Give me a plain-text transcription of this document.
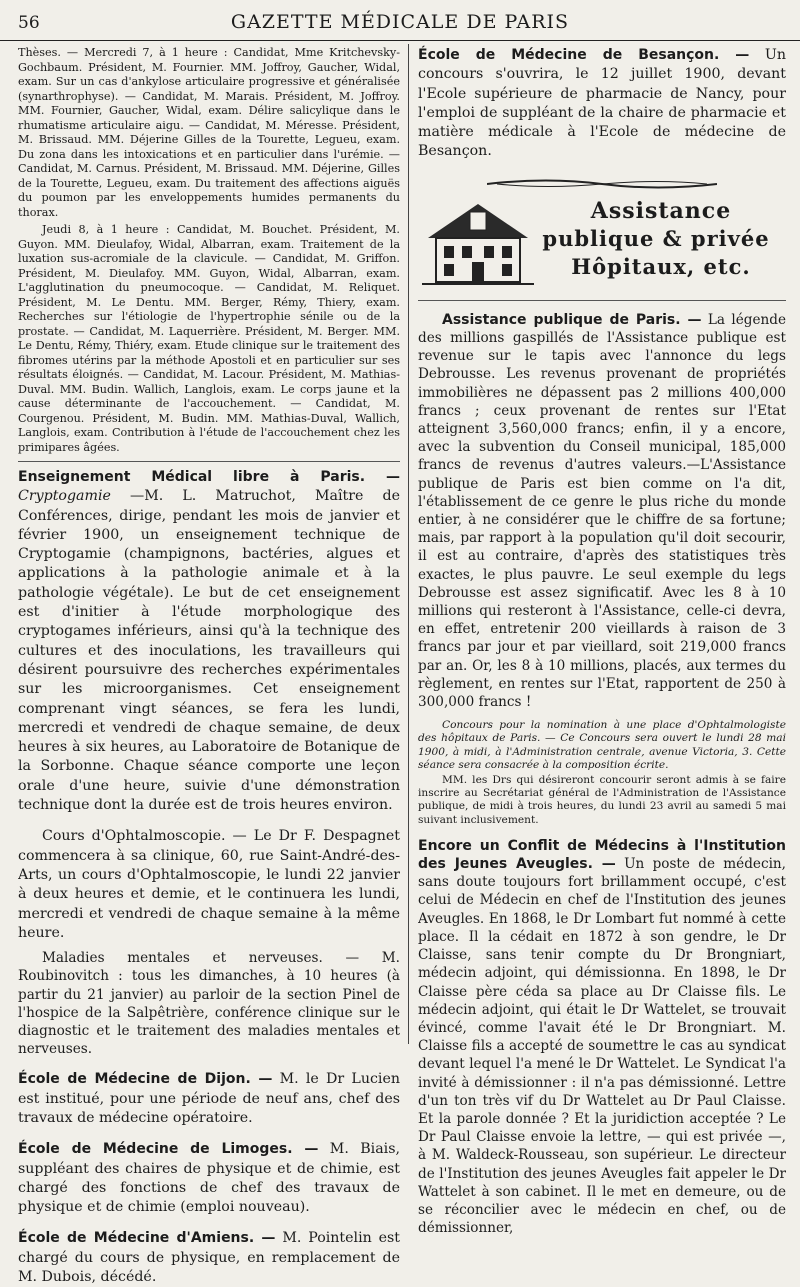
56	GAZETTE MÉDICALE DE PARIS

Thèses. — Mercredi 7, à 1 heure : Candidat, Mme Kritchevsky-Gochbaum. Président, M. Fournier. MM. Joffroy, Gaucher, Widal, exam. Sur un cas d'ankylose articulaire progressive et généralisée (synarthrophyse). — Candidat, M. Marais. Président, M. Joffroy. MM. Fournier, Gaucher, Widal, exam. Délire salicylique dans le rhumatisme articulaire aigu. — Candidat, M. Méresse. Président, M. Brissaud. MM. Déjerine Gilles de la Tourette, Legueu, exam. Du zona dans les intoxications et en particulier dans l'urémie. — Candidat, M. Carnus. Président, M. Brissaud. MM. Déjerine, Gilles de la Tourette, Legueu, exam. Du traitement des affections aiguës du poumon par les enveloppements humides permanents du thorax.

Jeudi 8, à 1 heure : Candidat, M. Bouchet. Président, M. Guyon. MM. Dieulafoy, Widal, Albarran, exam. Traitement de la luxation sus-acromiale de la clavicule. — Candidat, M. Griffon. Président, M. Dieulafoy. MM. Guyon, Widal, Albarran, exam. L'agglutination du pneumocoque. — Candidat, M. Reliquet. Président, M. Le Dentu. MM. Berger, Rémy, Thiery, exam. Recherches sur l'étiologie de l'hypertrophie sénile ou de la prostate. — Candidat, M. Laquerrière. Président, M. Berger. MM. Le Dentu, Rémy, Thiéry, exam. Etude clinique sur le traitement des fibromes utérins par la méthode Apostoli et en particulier sur ses résultats éloignés. — Candidat, M. Lacour. Président, M. Mathias-Duval. MM. Budin. Wallich, Langlois, exam. Le corps jaune et la cause déterminante de l'accouchement. — Candidat, M. Courgenou. Président, M. Budin. MM. Mathias-Duval, Wallich, Langlois, exam. Contribution à l'étude de l'accouchement chez les primipares âgées.

Enseignement Médical libre à Paris. — Cryptogamie —M. L. Matruchot, Maître de Conférences, dirige, pendant les mois de janvier et février 1900, un enseignement technique de Cryptogamie (champignons, bactéries, algues et applications à la pathologie animale et à la pathologie végétale). Le but de cet enseignement est d'initier à l'étude morphologique des cryptogames inférieurs, ainsi qu'à la technique des cultures et des inoculations, les travailleurs qui désirent poursuivre des recherches expérimentales sur les microorganismes. Cet enseignement comprenant vingt séances, se fera les lundi, mercredi et vendredi de chaque semaine, de deux heures à six heures, au Laboratoire de Botanique de la Sorbonne. Chaque séance comporte une leçon orale d'une heure, suivie d'une démonstration technique dont la durée est de trois heures environ.

Cours d'Ophtalmoscopie. — Le Dr F. Despagnet commencera à sa clinique, 60, rue Saint-André-des-Arts, un cours d'Ophtalmoscopie, le lundi 22 janvier à deux heures et demie, et le continuera les lundi, mercredi et vendredi de chaque semaine à la même heure.

Maladies mentales et nerveuses. — M. Roubinovitch : tous les dimanches, à 10 heures (à partir du 21 janvier) au parloir de la section Pinel de l'hospice de la Salpêtrière, conférence clinique sur le diagnostic et le traitement des maladies mentales et nerveuses.

École de Médecine de Dijon. — M. le Dr Lucien est institué, pour une période de neuf ans, chef des travaux de médecine opératoire.

École de Médecine de Limoges. — M. Biais, suppléant des chaires de physique et de chimie, est chargé des fonctions de chef des travaux de physique et de chimie (emploi nouveau).

École de Médecine d'Amiens. — M. Pointelin est chargé du cours de physique, en remplacement de M. Dubois, décédé.

École de Médecine de Besançon. — Un concours s'ouvrira, le 12 juillet 1900, devant l'Ecole supérieure de pharmacie de Nancy, pour l'emploi de suppléant de la chaire de pharmacie et matière médicale à l'Ecole de médecine de Besançon.

Assistance
publique & privée
Hôpitaux, etc.

Assistance publique de Paris. — La légende des millions gaspillés de l'Assistance publique est revenue sur le tapis avec l'annonce du legs Debrousse. Les revenus provenant de propriétés immobilières ne dépassent pas 2 millions 400,000 francs ; ceux provenant de rentes sur l'Etat atteignent 3,560,000 francs; enfin, il y a encore, avec la subvention du Conseil municipal, 185,000 francs de revenus d'autres valeurs.—L'Assistance publique de Paris est bien comme on l'a dit, l'établissement de ce genre le plus riche du monde entier, à ne considérer que le chiffre de sa fortune; mais, par rapport à la population qu'il doit secourir, il est au contraire, d'après des statistiques très exactes, le plus pauvre. Le seul exemple du legs Debrousse est assez significatif. Avec les 8 à 10 millions qui resteront à l'Assistance, celle-ci devra, en effet, entretenir 200 vieillards à raison de 3 francs par jour et par vieillard, soit 219,000 francs par an. Or, les 8 à 10 millions, placés, aux termes du règlement, en rentes sur l'Etat, rapportent de 250 à 300,000 francs !

Concours pour la nomination à une place d'Ophtalmologiste des hôpitaux de Paris. — Ce Concours sera ouvert le lundi 28 mai 1900, à midi, à l'Administration centrale, avenue Victoria, 3. Cette séance sera consacrée à la composition écrite.

MM. les Drs qui désireront concourir seront admis à se faire inscrire au Secrétariat général de l'Administration de l'Assistance publique, de midi à trois heures, du lundi 23 avril au samedi 5 mai suivant inclusivement.

Encore un Conflit de Médecins à l'Institution des Jeunes Aveugles. — Un poste de médecin, sans doute toujours fort brillamment occupé, c'est celui de Médecin en chef de l'Institution des jeunes Aveugles. En 1868, le Dr Lombart fut nommé à cette place. Il la cédait en 1872 à son gendre, le Dr Claisse, sans tenir compte du Dr Brongniart, médecin adjoint, qui démissionna. En 1898, le Dr Claisse père céda sa place au Dr Claisse fils. Le médecin adjoint, qui était le Dr Wattelet, se trouvait évincé, comme l'avait été le Dr Brongniart. M. Claisse fils a accepté de soumettre le cas au syndicat devant lequel l'a mené le Dr Wattelet. Le Syndicat l'a invité à démissionner : il n'a pas démissionné. Lettre d'un ton très vif du Dr Wattelet au Dr Paul Claisse. Et la parole donnée ? Et la juridiction acceptée ? Le Dr Paul Claisse envoie la lettre, — qui est privée —, à M. Waldeck-Rousseau, son supérieur. Le directeur de l'Institution des jeunes Aveugles fait appeler le Dr Wattelet à son cabinet. Il le met en demeure, ou de se réconcilier avec le médecin en chef, ou de démissionner,
